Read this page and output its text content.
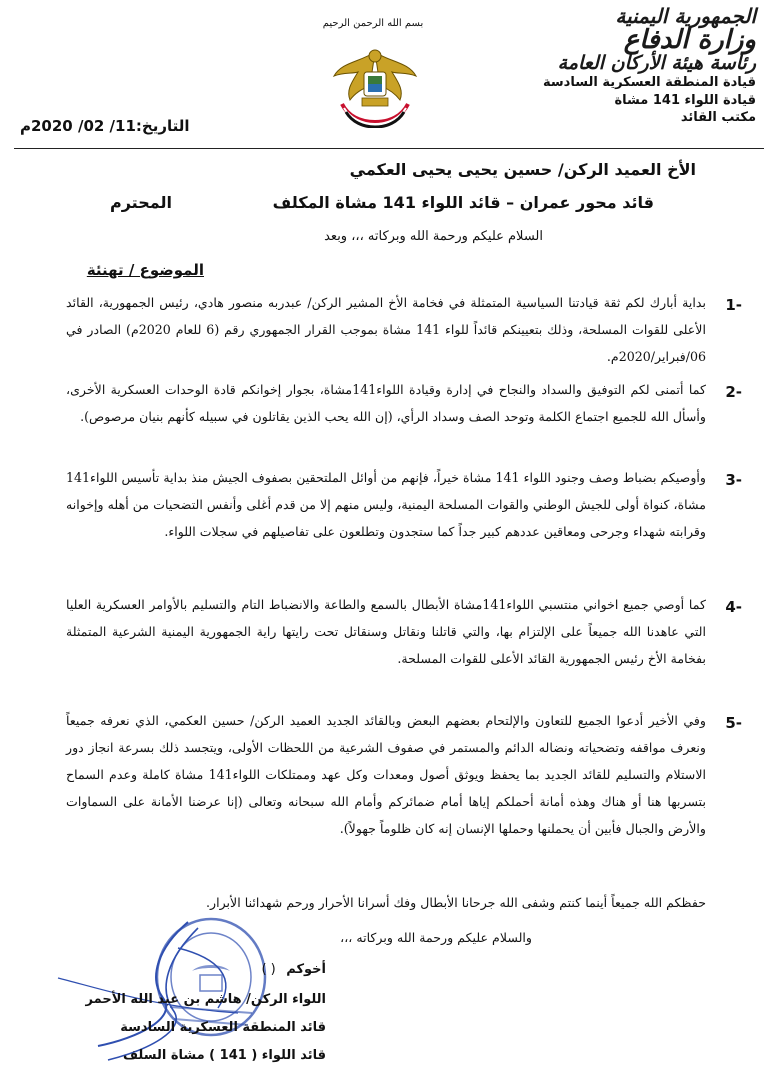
الجمهورية اليمنية
وزارة الدفاع
رئاسة هيئة الأركان العامة
قيادة المنطقة العسكرية السادسة
قيادة اللواء 141 مشاة
مكتب القائد
بسم الله الرحمن الرحيم
التاريخ:11/ 02/ 2020م
الأخ العميد الركن/ حسين يحيى يحيى العكمي
قائد محور عمران – قائد اللواء 141 مشاة المكلف
المحترم
السلام عليكم ورحمة الله وبركاته ،،، وبعد
الموضوع / تهنئة
-1
بداية أبارك لكم ثقة قيادتنا السياسية المتمثلة في فخامة الأخ المشير الركن/ عبدربه منصور هادي، رئيس الجمهورية، القائد الأعلى للقوات المسلحة، وذلك بتعيينكم قائداً للواء 141 مشاة بموجب القرار الجمهوري رقم (6 للعام 2020م) الصادر في 06/فبراير/2020م.
-2
كما أتمنى لكم التوفيق والسداد والنجاح في إدارة وقيادة اللواء141مشاة، بجوار إخوانكم قادة الوحدات العسكرية الأخرى، وأسأل الله للجميع اجتماع الكلمة وتوحد الصف وسداد الرأي، (إن الله يحب الذين يقاتلون في سبيله كأنهم بنيان مرصوص).
-3
وأوصيكم بضباط وصف وجنود اللواء 141 مشاة خيراً، فإنهم من أوائل الملتحقين بصفوف الجيش منذ بداية تأسيس اللواء141 مشاة، كنواة أولى للجيش الوطني والقوات المسلحة اليمنية، وليس منهم إلا من قدم أغلى وأنفس التضحيات من أهله وإخوانه وقرابته شهداء وجرحى ومعاقين عددهم كبير جداً كما ستجدون وتطلعون على تفاصيلهم في سجلات اللواء.
-4
كما أوصي جميع اخواني منتسبي اللواء141مشاة الأبطال بالسمع والطاعة والانضباط التام والتسليم بالأوامر العسكرية العليا التي عاهدنا الله جميعاً على الإلتزام بها، والتي قاتلنا ونقاتل وسنقاتل تحت رايتها راية الجمهورية اليمنية الشرعية المتمثلة بفخامة الأخ رئيس الجمهورية القائد الأعلى للقوات المسلحة.
-5
وفي الأخير أدعوا الجميع للتعاون والإلتحام بعضهم البعض وبالقائد الجديد العميد الركن/ حسين العكمي، الذي نعرفه جميعاً ونعرف مواقفه وتضحياته ونضاله الدائم والمستمر في صفوف الشرعية من اللحظات الأولى، ويتجسد ذلك بسرعة انجاز دور الاستلام والتسليم للقائد الجديد بما يحفظ ويوثق أصول ومعدات وكل عهد وممتلكات اللواء141 مشاة كاملة وعدم السماح بتسربها هنا أو هناك وهذه أمانة أحملكم إياها أمام ضمائركم وأمام الله سبحانه وتعالى (إنا عرضنا الأمانة على السماوات والأرض والجبال فأبين أن يحملنها وحملها الإنسان إنه كان ظلوماً جهولاً).
حفظكم الله جميعاً أينما كنتم وشفى الله جرحانا الأبطال وفك أسرانا الأحرار ورحم شهدائنا الأبرار.
والسلام عليكم ورحمة الله وبركاته ،،،
أخوكم ( )
اللواء الركن/ هاشم بن عبد الله الأحمر
قائد المنطقة العسكرية السادسة
قائد اللواء ( 141 ) مشاة السلف
